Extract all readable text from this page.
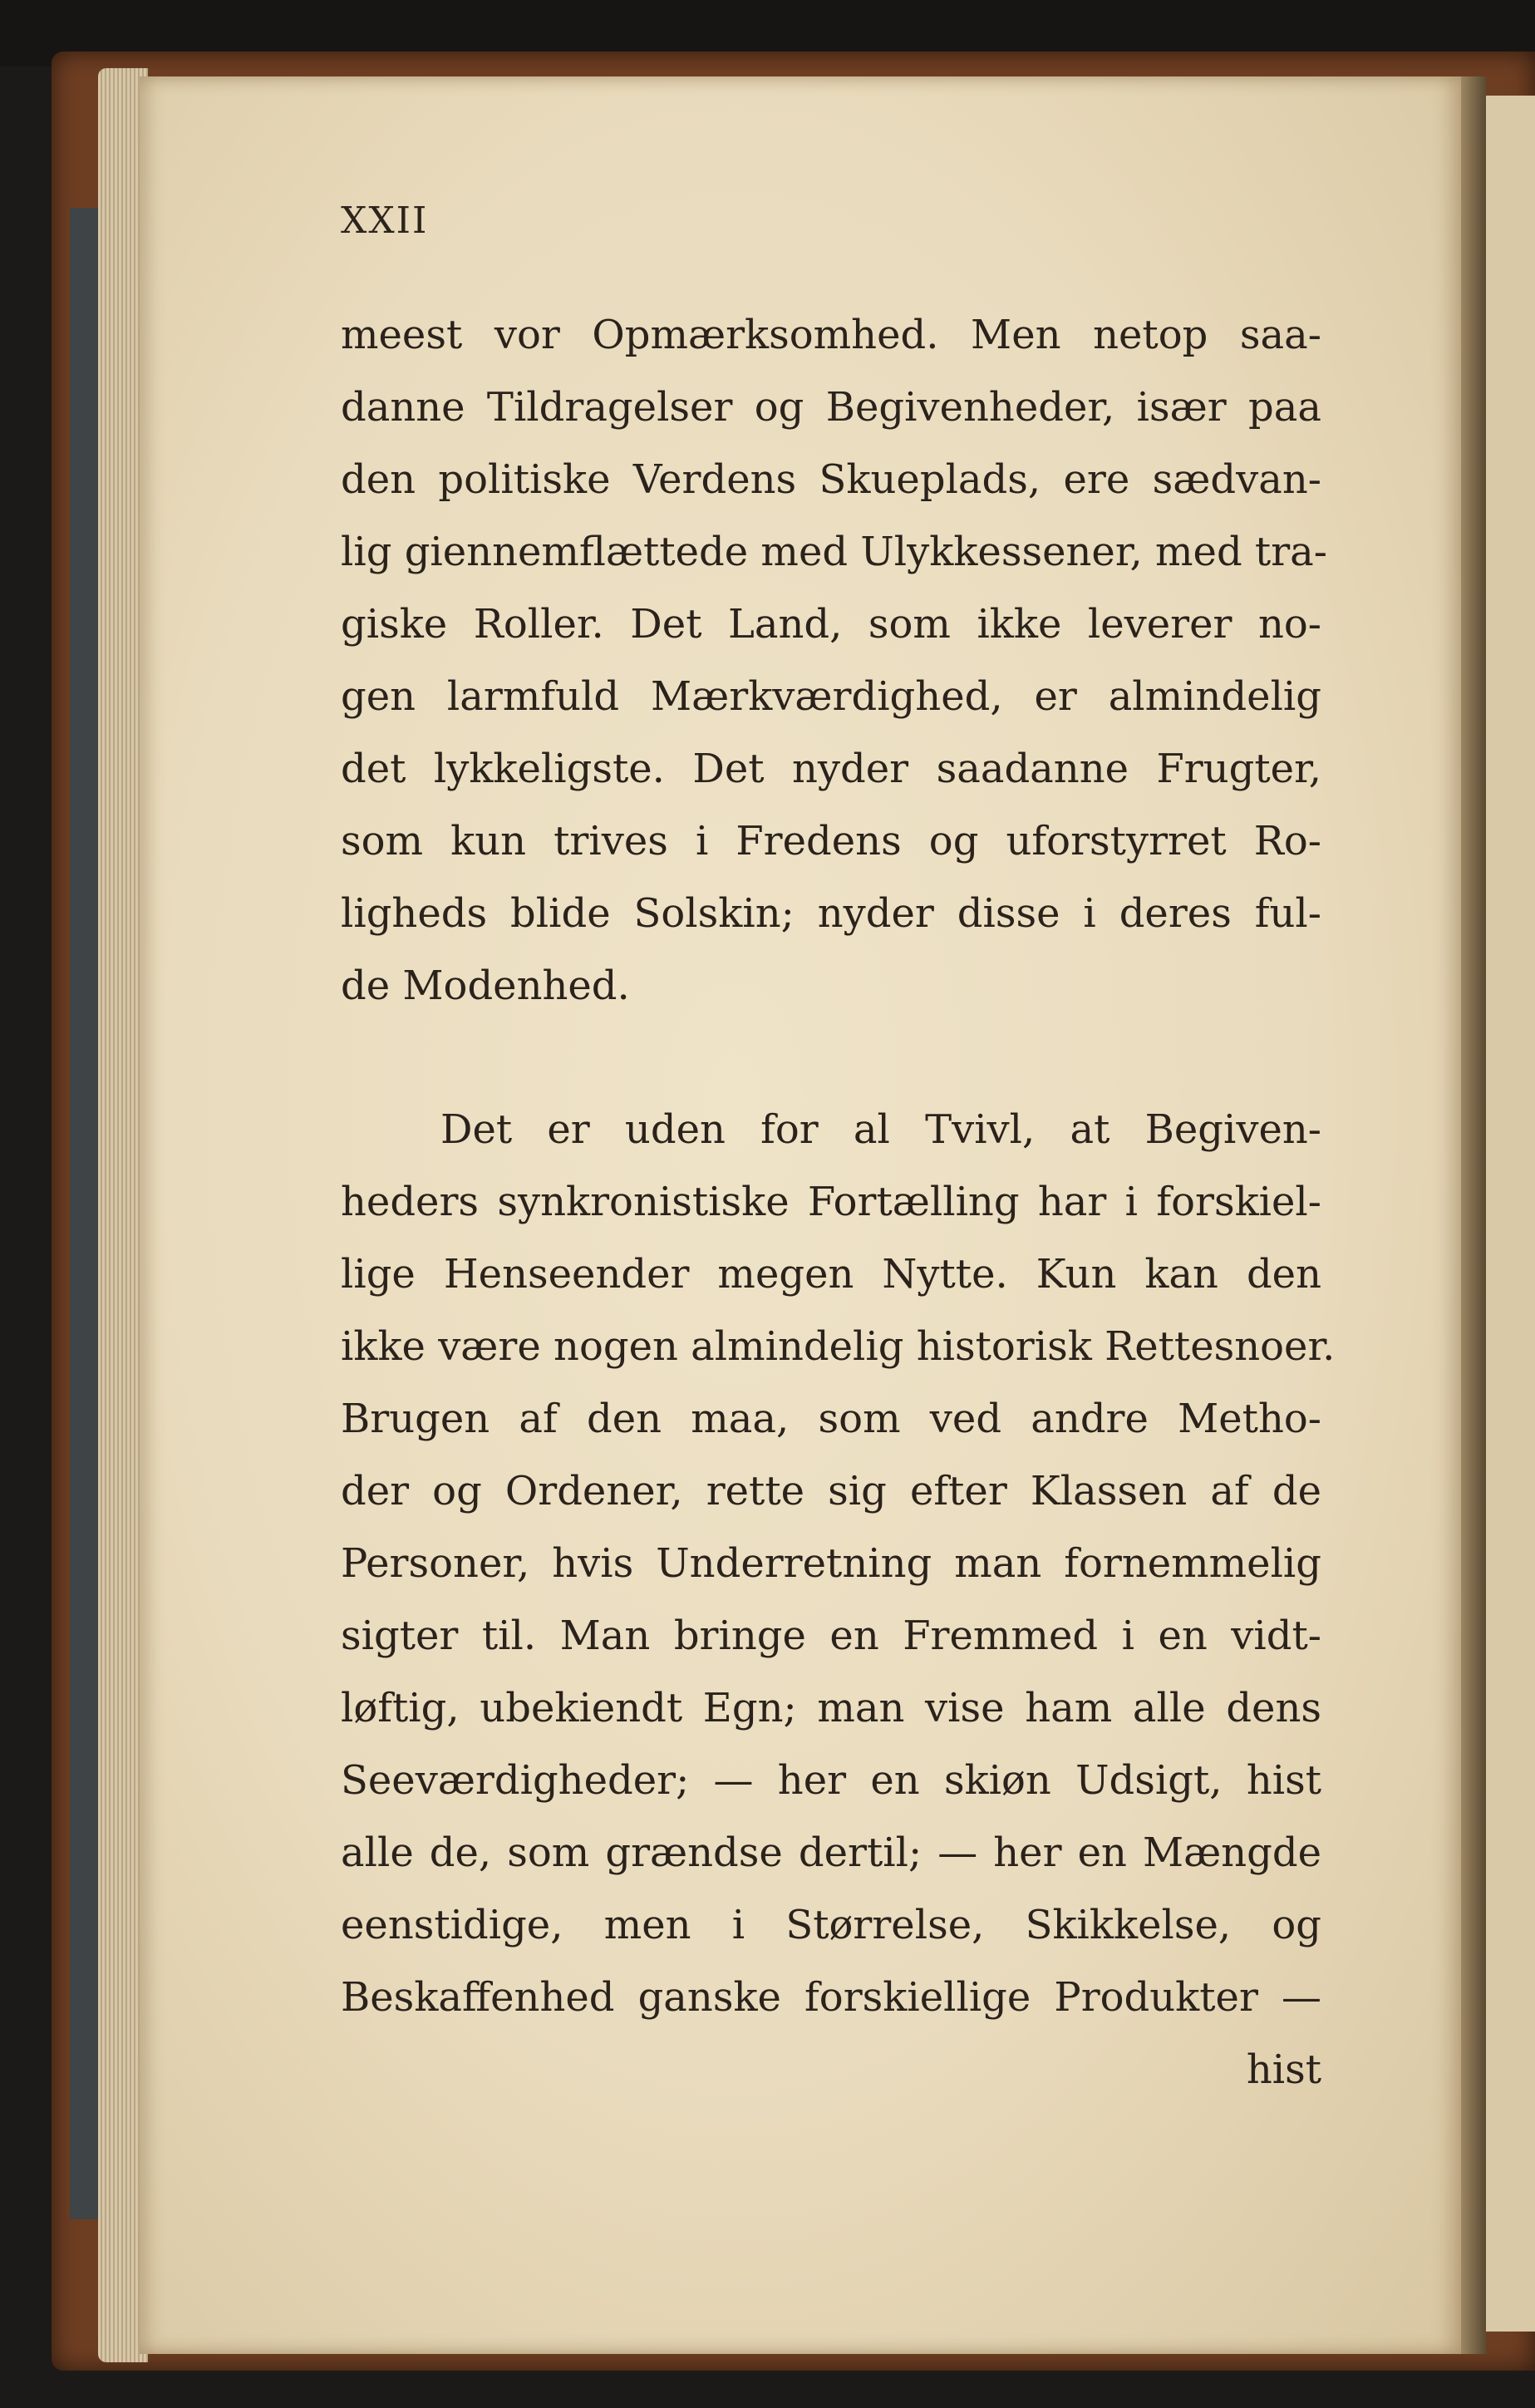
XXII
meest vor Opmærksomhed. Men netop saa-
danne Tildragelser og Begivenheder, især paa
den politiske Verdens Skueplads, ere sædvan-
lig giennemflættede med Ulykkessener, med tra-
giske Roller. Det Land, som ikke leverer no-
gen larmfuld Mærkværdighed, er almindelig
det lykkeligste. Det nyder saadanne Frugter,
som kun trives i Fredens og uforstyrret Ro-
ligheds blide Solskin; nyder disse i deres ful-
de Modenhed.
Det er uden for al Tvivl, at Begiven-
heders synkronistiske Fortælling har i forskiel-
lige Henseender megen Nytte. Kun kan den
ikke være nogen almindelig historisk Rettesnoer.
Brugen af den maa, som ved andre Metho-
der og Ordener, rette sig efter Klassen af de
Personer, hvis Underretning man fornemmelig
sigter til. Man bringe en Fremmed i en vidt-
løftig, ubekiendt Egn; man vise ham alle dens
Seeværdigheder; — her en skiøn Udsigt, hist
alle de, som grændse dertil; — her en Mængde
eenstidige, men i Størrelse, Skikkelse, og
Beskaffenhed ganske forskiellige Produkter —
hist
